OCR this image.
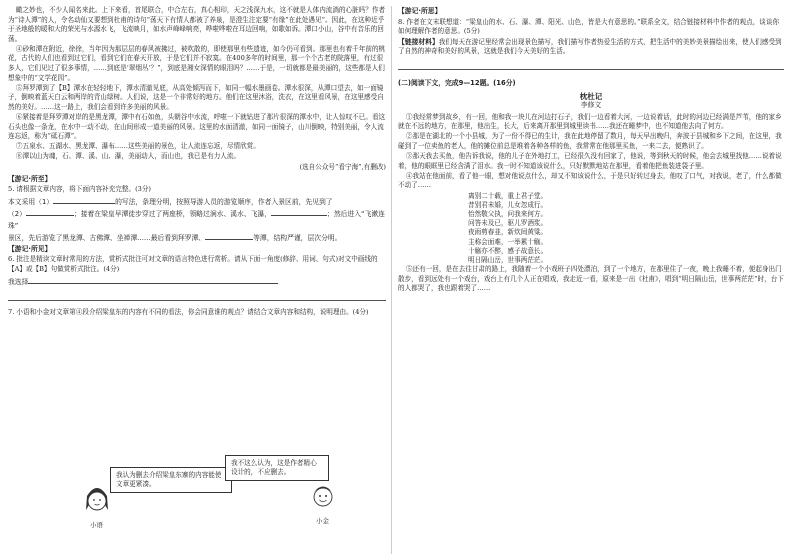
瞰之妙也，不少人闻名来此。上下来看，首尾联合，中合左右，真心相印，天之浅深九水，这不就是人体内流淌的心脏吗？作者为“诗人潭”的人，令名动仙又要想到杜甫的诗句“荡天下有情人都被了养泉，是澄生注定要“有缘”在此处遇见”。因此，在这种近乎于圣地般的暖和大的荣光与水源水飞，飞流映月，如水声峰峰响亮，哗啦哗啦在耳边回响，如歌如诉。潭口小山，谷中有音乐的回荡。

④砂和潭在附近，徐徐，当年因为那层层的春风被拂过，被吹散的，即使那里有些遗迹，如今仍可看到。那里也有着千年前的桃花，古代的人们也看到过它们，看到它们在春天开放，于是它们并不寂寞。在400多年的时间里，那一个个古老的院落里，有过很多人，它们见过了很多事情，……到底是‘翠烟丛’？”，到底是湘女深情的眼泪吗？……于是，一切就都是最美丽的，这些都是人们想象中的“文学花园”。

⑤拜罗潭到了【B】潭水在轻轻地下，潭水清澈见底，从高处倾泻而下，如同一幅水墨画卷。潭水很深，从潭口望去，如一面镜子，倒映着蓝天白云和两岸的青山绿树。人们说，这是一个非常好的地方。他们在这里沐浴，洗衣，在这里看风景，在这里感受自然的美好。……这一路上，我们会看到许多美丽的风景。

⑥紧接着是拜罗潭对岸的是黑龙潭，潭中有石如鱼，头朝谷中水流，呼啦一下就钻进了那片很深的潭水中，让人惊叹不已。看这石头也像一条龙，在水中一动不动，在山间形成一道美丽的风景。这里的水面清澈，如同一面镜子，山川倒映，特别美丽，令人流连忘返，称为“砥石潭”。

⑦五泉水、五湖水、黑龙潭、瀑布……这些美丽的景色，让人流连忘返，尽情欣赏。

⑧潭以山为魂，石、潭、溪、山、瀑，美丽动人，而山也，我已是有力人流。

(选自公众号“看宁海”,有删改)

【游记·所至】

5. 请根据文章内容，将下面内容补充完整。(3分)

本文采用（1）	的写法，条理分明，按照导游人员的游览顺序，作者入景区前，先见到了
（2）	；接着在梁皇早潭徒步穿过了两座桥，领略过涧水、溪水、飞瀑，	；然后进入“飞漱连珠”
景区，先后游览了黑龙潭、古佛潭、坐禅潭……最后看到拜罗潭、	等潭，结构严谨，层次分明。

【游记·所见】

6. 批注是精读文章时常用的方法，赏析式批注可对文章的语言特色进行赏析。请从下面一角度(修辞、用词、句式)对文中画线的【A】或【B】句做赏析式批注。(4分)

我选择

7. 小语和小金对文章第④段介绍梁皇东的内容有不同的看法，你会同意谁的观点？请结合文章内容和结构，说明理由。(4分)

我认为删去介绍梁皇东寨的内容能使文章更紧凑。
我不这么认为，这是作者精心设计的，不应删去。
小语	小金

【游记·所思】

8. 作者在文末联想道：“梁皇山的水、石、瀑、潭、阳光、山色，皆是大有意思的。”联系全文，结合链接材料中作者的观点，谈谈你如何理解作者的意思。(5分)

【链接材料】我们每天在游记里经常会出现景色描写，我们描写作者热爱生活的方式，把生活中的美妙美景描绘出来，使人们感受到了自然的神奇和美好的风景，这就是我们今天美好的生活。

(二)阅读下文，完成9—12题。(16分)

枕杜记

李修文

①我经常梦到故乡，有一回，他和我一块儿在河边打石子，我们一边看着大河，一边说着话，此时的河边已经满是芦苇，他的家乡就在不远的地方，在那里，他出生，长大，后来离开那里到城里读书……我还在睡梦中，也不知道他去向了何方。

②那是在湖北的一个小县城，为了一份不得已的生计，我在此地停留了数月，每天早出晚归，奔波于县城和乡下之间，在这里，我碰到了一位卖鱼的老人，他的摊位前总是堆着各种各样的鱼，我常常在他那里买鱼，一来二去，便熟识了。

③那天我去买鱼，他告诉我说，他的儿子在外地打工，已经很久没有回家了，他说，等到秋天的时候，他会去城里找他……说着说着，他的眼眶里已经含满了泪水。我一时不知道该说什么，只好默默地站在那里，看着他把鱼装进袋子里。

④我站在他面前，看了他一眼，想对他说点什么，却又不知该说什么，于是只好转过身去，他叹了口气，对我说，老了，什么都做不动了……

离别二十载，重上君子堂。
昔别君未婚，儿女忽成行。
怡然敬父执，问我来何方。
问答未及已，驱儿罗酒浆。
夜雨剪春韭，新炊间黄粱。
主称会面难，一举累十觞。
十觞亦不醉，感子故意长。
明日隔山岳，世事两茫茫。

⑤还有一回，是在去往甘肃的路上，我随着一个小戏班子四处漂泊，到了一个地方，在那里住了一夜，晚上我睡不着，便起身出门散步，看到远处有一个戏台，戏台上有几个人正在唱戏，我走近一看，原来是一出《杜甫》，唱到“明日隔山岳，世事两茫茫”时，台下的人都哭了，我也跟着哭了……
